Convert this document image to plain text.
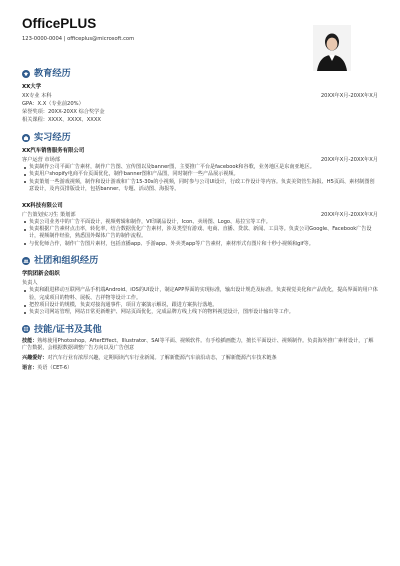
OfficePLUS
123-0000-0004 | officeplus@microsoft.com
教育经历
XX大学
XX专业 本科	20XX年X月-20XX年X月
GPA：X.X（专业前20%）
荣誉奖项：20XX-20XX 综合奖学金
相关课程：XXXX、XXXX、XXXX
实习经历
XX汽车销售服务有限公司
客户运营 市场部	20XX年X月-20XX年X月
负责制作公司平面广告素材，制作广告图、宣传图以及banner图，主要推广平台是facebook和谷歌，业务地区是东南亚地区。
负责用户shopify电商平台页面优化，制作banner图和产品图，同时制作一些产品展示视频。
负责策划一些游戏视频，制作和设计游戏和广告15-30s的小视频，同时参与公司UI设计，行政工作设计等内容。负责美资管生海报、H5页面、素材制图创意设计，及内页排版设计，包括banner、专题、活动图、海报等。
XX科技有限公司
广告策划实习生 策划部	20XX年X月-20XX年X月
负责公司业务中的广告平面设计，视频剪辑和制作，VI印刷品设计，Icon、卖场图、Logo、易拉宝等工作。
负责根据广告素材点击率，转化率，结合数据优化广告素材，涉及类型有游戏、电商、直播、贷款、新闻、工具等。负责公司Google、Facebook广告设计，视频制作经验，熟悉国外媒体广告的制作流程。
与优化师合作，制作广告图片素材，包括直播app、手游app、外卖类app等广告素材，素材形式有图片和十秒小视频和gif等。
社团和组织经历
学院团新会组织
负责人
负责和跟进移动互联网产品手机端Android、iOS的UI设计，制定APP界面的实现标准，输出设计规范及标准。负责视觉美化和产品优化，提高界面的用户体验，完成项目的物料、展板、吉祥物等设计工作。
把控项目设计的规模，负责对接沟通事件，项目方案演示解说，跟进方案执行落地。
负责公司网站管理，网站日常更新维护、网站页面优化，完成品牌方线上线下的物料视觉设计，图形设计输出等工作。
技能/证书及其他
技能：熟练使用Photoshop、AfterEffect、Illustrator、SAI等平面、视频软件。有手绘插画能力，擅长平面设计、视频制作。负责海外推广素材设计，了解广告数据，会根据数据调整广告方向以及广告创意
兴趣爱好：对汽车行业有浓厚兴趣，定期阅读汽车行业新闻。了解新能源汽车前沿动态，了解新能源汽车技术链条
语言：英语（CET-6）
